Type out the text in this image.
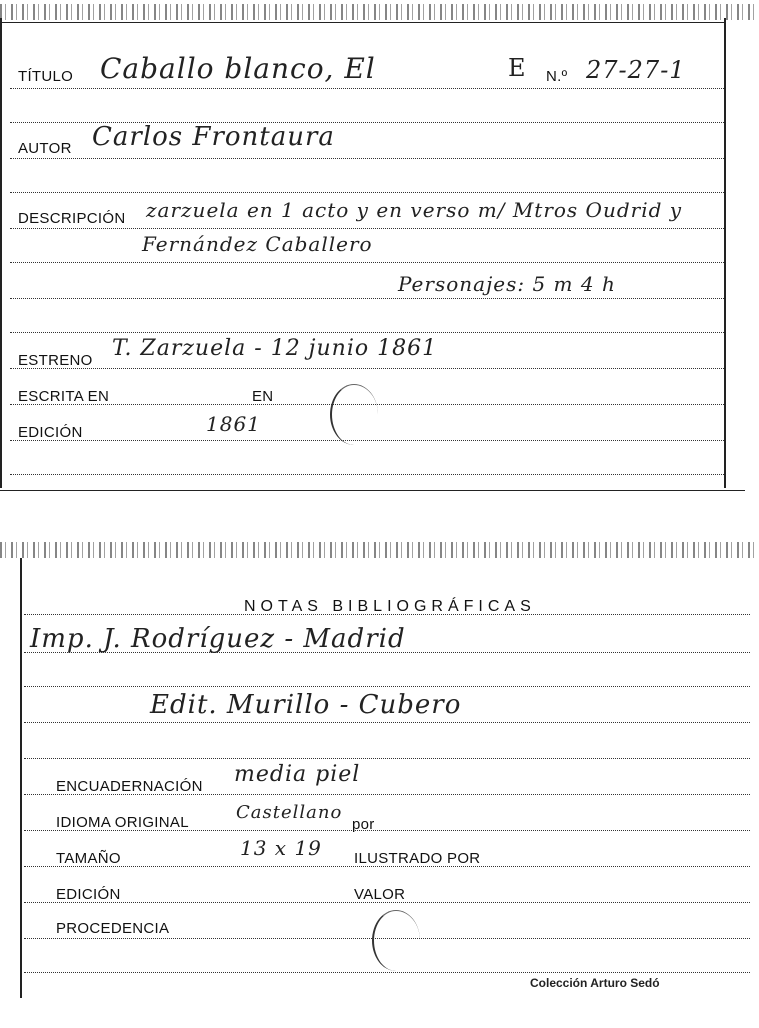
TÍTULO Caballo blanco, El	E N.º 27-27-1
AUTOR Carlos Frontaura
DESCRIPCIÓN zarzuela en 1 acto y en verso m/ Mtros Oudrid y
Fernández Caballero
Personajes: 5 m 4 h
ESTRENO T. Zarzuela - 12 junio 1861
ESCRITA EN	EN
EDICIÓN	1861
NOTAS BIBLIOGRÁFICAS
Imp. J. Rodríguez - Madrid
Edit. Murillo - Cubero
ENCUADERNACIÓN media piel
IDIOMA ORIGINAL	Castellano
por
TAMAÑO	13 x 19 ILUSTRADO POR
EDICIÓN	VALOR
PROCEDENCIA
Colección Arturo Sedó
